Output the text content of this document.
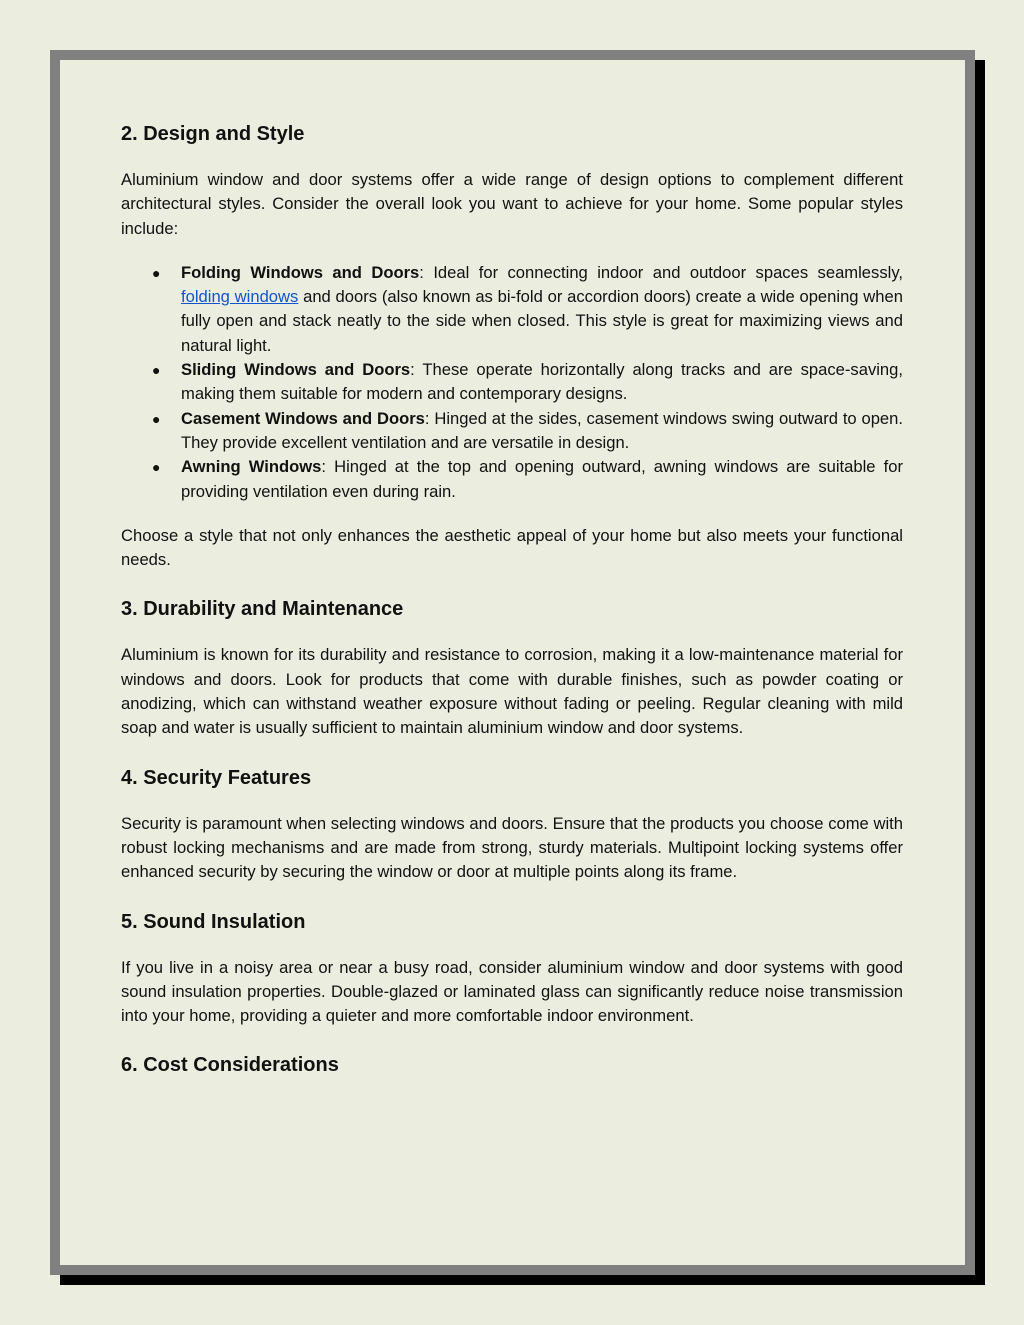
2. Design and Style

Aluminium window and door systems offer a wide range of design options to complement different architectural styles. Consider the overall look you want to achieve for your home. Some popular styles include:

● Folding Windows and Doors: Ideal for connecting indoor and outdoor spaces seamlessly, folding windows and doors (also known as bi-fold or accordion doors) create a wide opening when fully open and stack neatly to the side when closed. This style is great for maximizing views and natural light.
● Sliding Windows and Doors: These operate horizontally along tracks and are space-saving, making them suitable for modern and contemporary designs.
● Casement Windows and Doors: Hinged at the sides, casement windows swing outward to open. They provide excellent ventilation and are versatile in design.
● Awning Windows: Hinged at the top and opening outward, awning windows are suitable for providing ventilation even during rain.

Choose a style that not only enhances the aesthetic appeal of your home but also meets your functional needs.

3. Durability and Maintenance

Aluminium is known for its durability and resistance to corrosion, making it a low-maintenance material for windows and doors. Look for products that come with durable finishes, such as powder coating or anodizing, which can withstand weather exposure without fading or peeling. Regular cleaning with mild soap and water is usually sufficient to maintain aluminium window and door systems.

4. Security Features

Security is paramount when selecting windows and doors. Ensure that the products you choose come with robust locking mechanisms and are made from strong, sturdy materials. Multipoint locking systems offer enhanced security by securing the window or door at multiple points along its frame.

5. Sound Insulation

If you live in a noisy area or near a busy road, consider aluminium window and door systems with good sound insulation properties. Double-glazed or laminated glass can significantly reduce noise transmission into your home, providing a quieter and more comfortable indoor environment.

6. Cost Considerations
